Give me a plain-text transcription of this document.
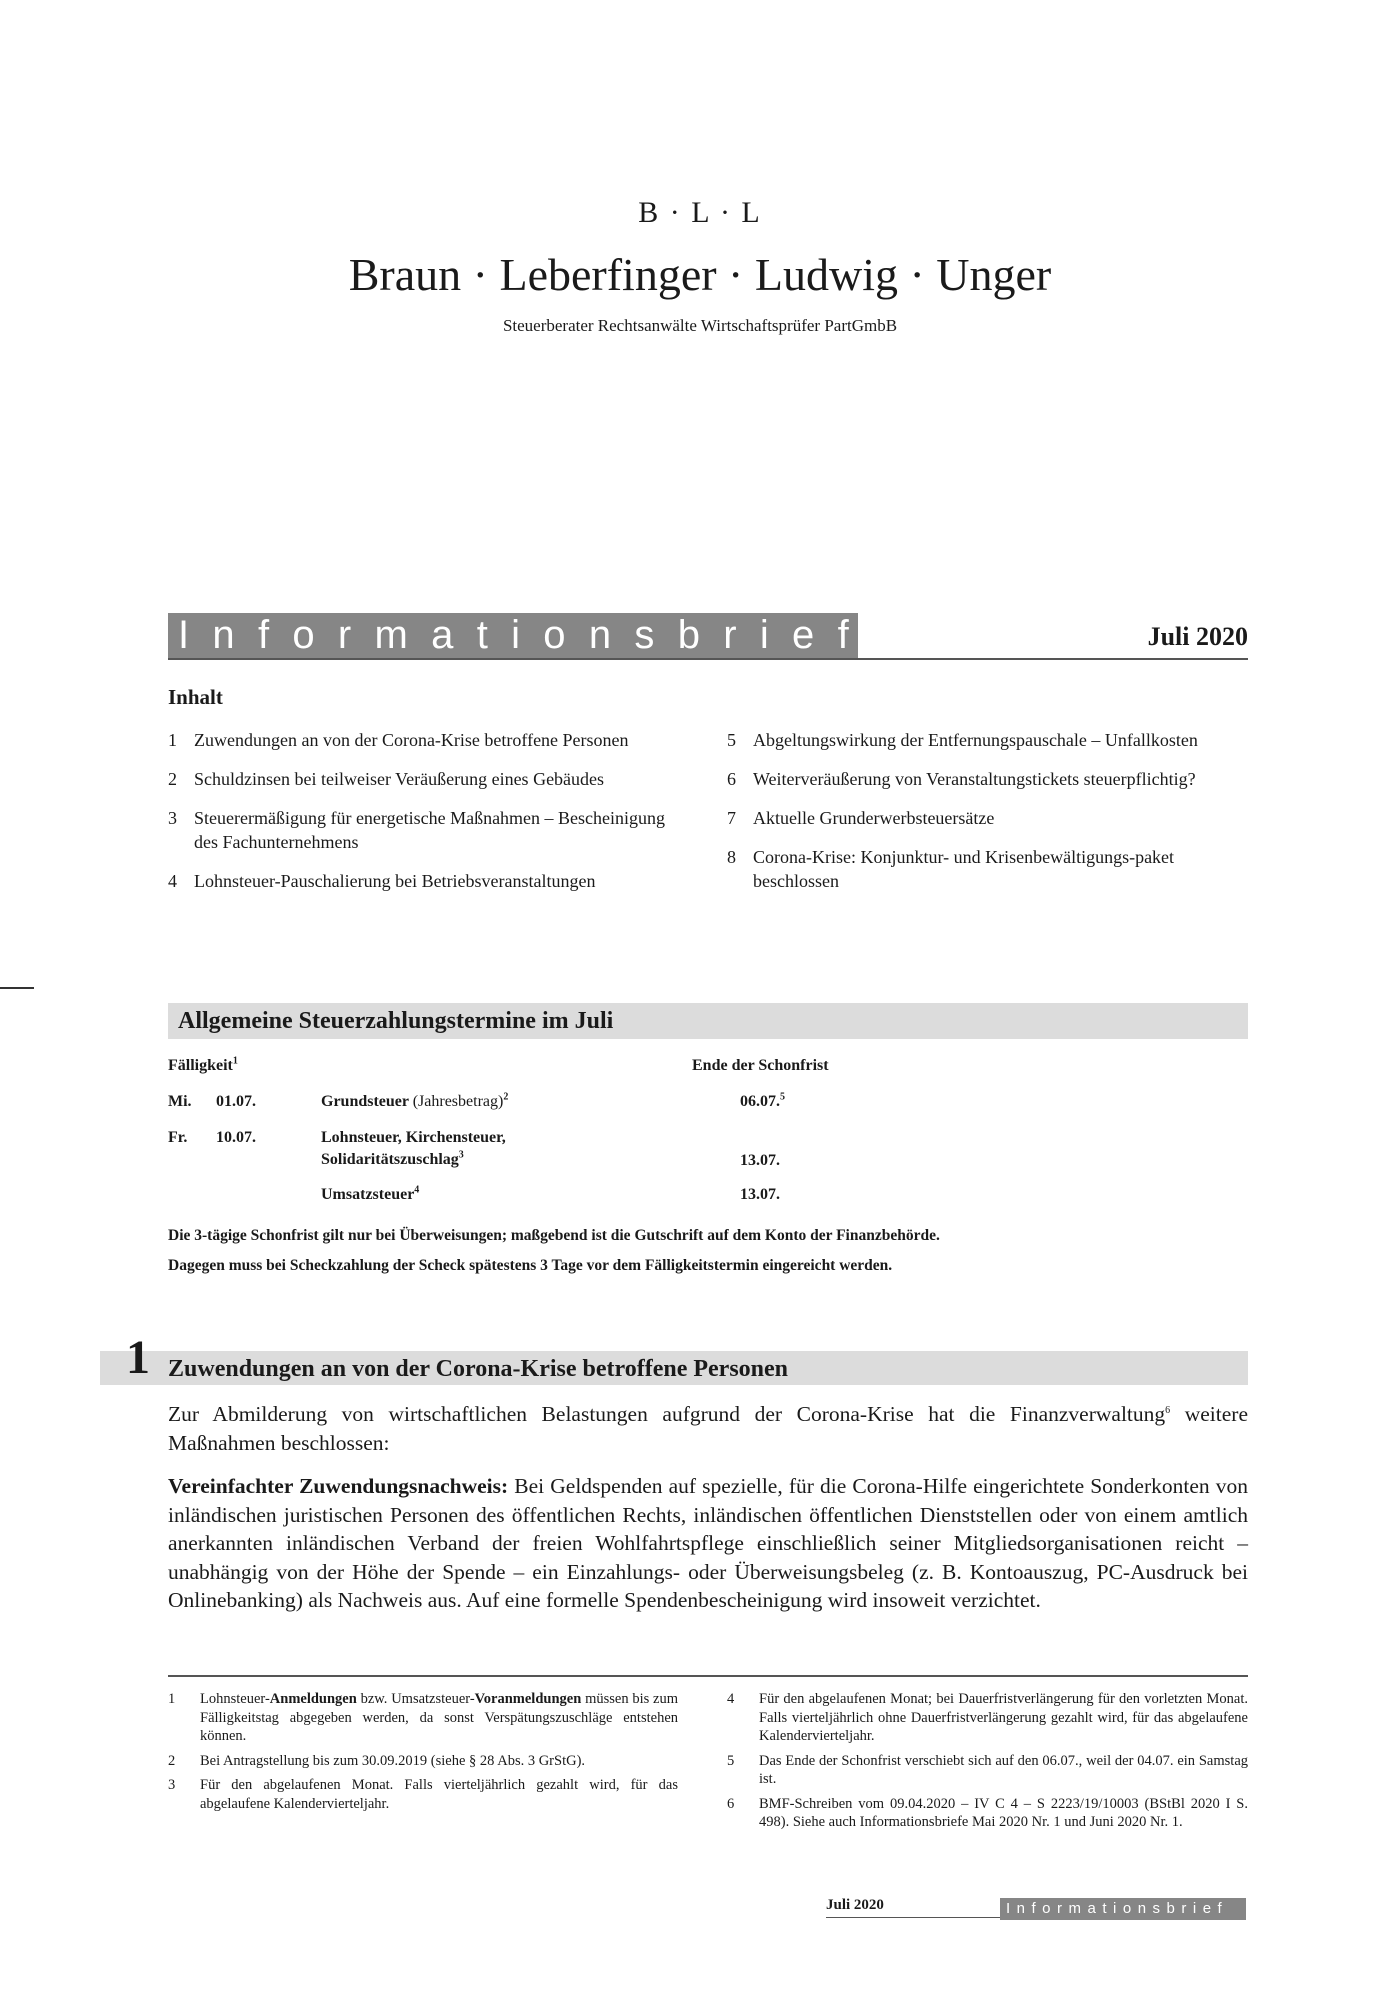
B · L · L
Braun · Leberfinger · Ludwig · Unger
Steuerberater Rechtsanwälte Wirtschaftsprüfer PartGmbB
Informationsbrief	Juli 2020
Inhalt
1 Zuwendungen an von der Corona-Krise betroffene Personen
2 Schuldzinsen bei teilweiser Veräußerung eines Gebäudes
3 Steuerermäßigung für energetische Maßnahmen – Bescheinigung des Fachunternehmens
4 Lohnsteuer-Pauschalierung bei Betriebsveranstaltungen
5 Abgeltungswirkung der Entfernungspauschale – Unfallkosten
6 Weiterveräußerung von Veranstaltungstickets steuerpflichtig?
7 Aktuelle Grunderwerbsteuersätze
8 Corona-Krise: Konjunktur- und Krisenbewältigungs-paket beschlossen
Allgemeine Steuerzahlungstermine im Juli
Fälligkeit$^1$	Ende der Schonfrist
Mi. 01.07.	Grundsteuer (Jahresbetrag)$^2$	06.07.$^5$
Fr. 10.07.	Lohnsteuer, Kirchensteuer,
Solidaritätszuschlag$^3$	13.07.
Umsatzsteuer$^4$	13.07.
Die 3-tägige Schonfrist gilt nur bei Überweisungen; maßgebend ist die Gutschrift auf dem Konto der Finanzbehörde.
Dagegen muss bei Scheckzahlung der Scheck spätestens 3 Tage vor dem Fälligkeitstermin eingereicht werden.
1 Zuwendungen an von der Corona-Krise betroffene Personen
Zur Abmilderung von wirtschaftlichen Belastungen aufgrund der Corona-Krise hat die Finanzverwaltung$^6$ weitere Maßnahmen beschlossen:
Vereinfachter Zuwendungsnachweis: Bei Geldspenden auf spezielle, für die Corona-Hilfe eingerichtete Sonderkonten von inländischen juristischen Personen des öffentlichen Rechts, inländischen öffentlichen Dienststellen oder von einem amtlich anerkannten inländischen Verband der freien Wohlfahrtspflege einschließlich seiner Mitgliedsorganisationen reicht – unabhängig von der Höhe der Spende – ein Einzahlungs- oder Überweisungsbeleg (z. B. Kontoauszug, PC-Ausdruck bei Onlinebanking) als Nachweis aus. Auf eine formelle Spendenbescheinigung wird insoweit verzichtet.
1	Lohnsteuer-Anmeldungen bzw. Umsatzsteuer-Voranmeldungen müssen bis zum Fälligkeitstag abgegeben werden, da sonst Verspätungszuschläge entstehen können.
2	Bei Antragstellung bis zum 30.09.2019 (siehe § 28 Abs. 3 GrStG).
3	Für den abgelaufenen Monat. Falls vierteljährlich gezahlt wird, für das abgelaufene Kalendervierteljahr.
4	Für den abgelaufenen Monat; bei Dauerfristverlängerung für den vorletzten Monat. Falls vierteljährlich ohne Dauerfristverlängerung gezahlt wird, für das abgelaufene Kalendervierteljahr.
5	Das Ende der Schonfrist verschiebt sich auf den 06.07., weil der 04.07. ein Samstag ist.
6	BMF-Schreiben vom 09.04.2020 – IV C 4 – S 2223/19/10003 (BStBl 2020 I S. 498). Siehe auch Informationsbriefe Mai 2020 Nr. 1 und Juni 2020 Nr. 1.
Juli 2020	Informationsbrief
